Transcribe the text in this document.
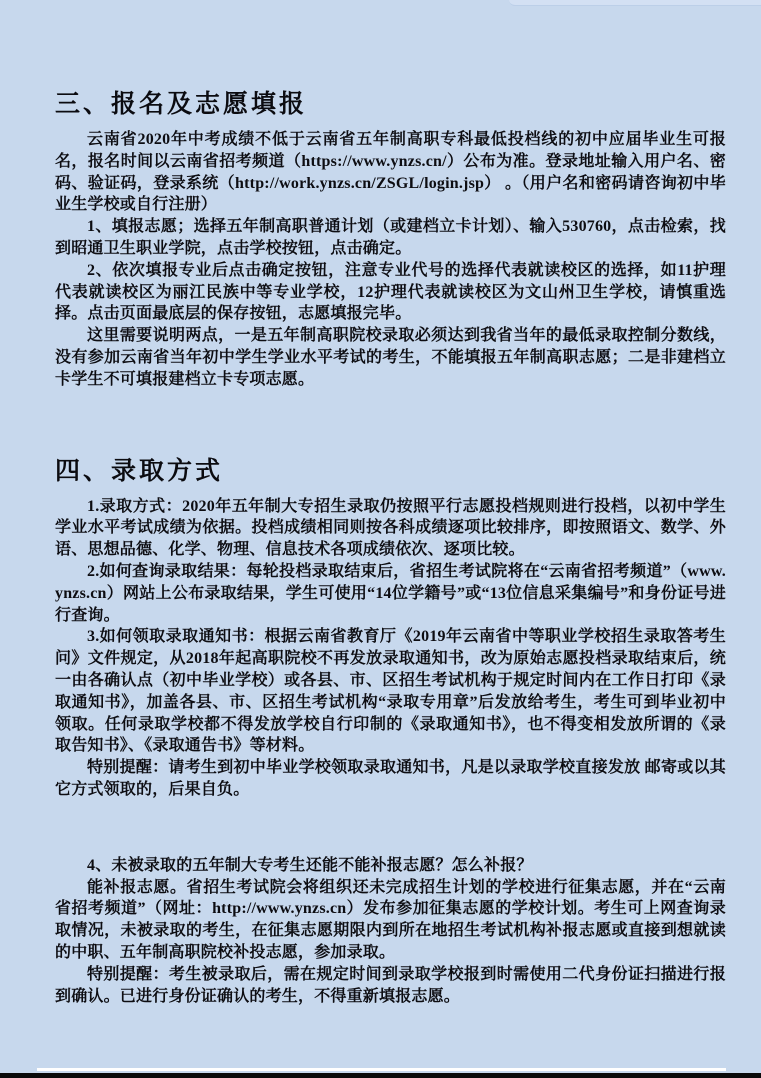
三、报名及志愿填报

云南省2020年中考成绩不低于云南省五年制高职专科最低投档线的初中应届毕业生可报名，报名时间以云南省招考频道（https://www.ynzs.cn/）公布为准。登录地址输入用户名、密码、验证码，登录系统（http://work.ynzs.cn/ZSGL/login.jsp） 。（用户名和密码请咨询初中毕业生学校或自行注册）

1、填报志愿；选择五年制高职普通计划（或建档立卡计划）、输入530760，点击检索，找到昭通卫生职业学院，点击学校按钮，点击确定。

2、依次填报专业后点击确定按钮，注意专业代号的选择代表就读校区的选择，如11护理代表就读校区为丽江民族中等专业学校，12护理代表就读校区为文山州卫生学校，请慎重选择。点击页面最底层的保存按钮，志愿填报完毕。

这里需要说明两点，一是五年制高职院校录取必须达到我省当年的最低录取控制分数线，没有参加云南省当年初中学生学业水平考试的考生，不能填报五年制高职志愿；二是非建档立卡学生不可填报建档立卡专项志愿。

四、录取方式

1.录取方式：2020年五年制大专招生录取仍按照平行志愿投档规则进行投档，以初中学生学业水平考试成绩为依据。投档成绩相同则按各科成绩逐项比较排序，即按照语文、数学、外语、思想品德、化学、物理、信息技术各项成绩依次、逐项比较。

2.如何查询录取结果：每轮投档录取结束后，省招生考试院将在“云南省招考频道”（www.ynzs.cn）网站上公布录取结果，学生可使用“14位学籍号”或“13位信息采集编号”和身份证号进行查询。

3.如何领取录取通知书：根据云南省教育厅《2019年云南省中等职业学校招生录取答考生问》文件规定，从2018年起高职院校不再发放录取通知书，改为原始志愿投档录取结束后，统一由各确认点（初中毕业学校）或各县、市、区招生考试机构于规定时间内在工作日打印《录取通知书》，加盖各县、市、区招生考试机构“录取专用章”后发放给考生，考生可到毕业初中领取。任何录取学校都不得发放学校自行印制的《录取通知书》，也不得变相发放所谓的《录取告知书》、《录取通告书》等材料。

特别提醒：请考生到初中毕业学校领取录取通知书，凡是以录取学校直接发放 邮寄或以其它方式领取的，后果自负。

4、未被录取的五年制大专考生还能不能补报志愿？怎么补报？

能补报志愿。省招生考试院会将组织还未完成招生计划的学校进行征集志愿，并在“云南省招考频道”（网址：http://www.ynzs.cn）发布参加征集志愿的学校计划。考生可上网查询录取情况，未被录取的考生，在征集志愿期限内到所在地招生考试机构补报志愿或直接到想就读的中职、五年制高职院校补投志愿，参加录取。

特别提醒：考生被录取后，需在规定时间到录取学校报到时需使用二代身份证扫描进行报到确认。已进行身份证确认的考生，不得重新填报志愿。
